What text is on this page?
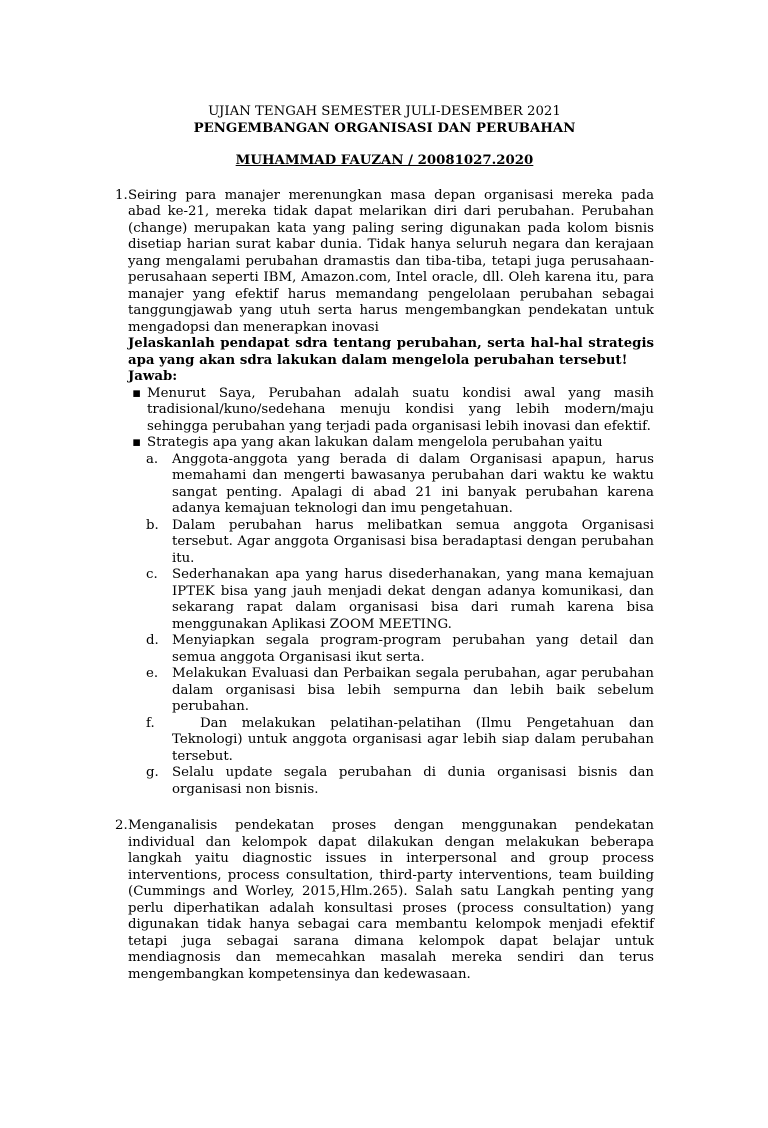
UJIAN TENGAH SEMESTER JULI-DESEMBER 2021
PENGEMBANGAN ORGANISASI DAN PERUBAHAN
MUHAMMAD FAUZAN / 20081027.2020
1. Seiring para manajer merenungkan masa depan organisasi mereka pada abad ke-21, mereka tidak dapat melarikan diri dari perubahan. Perubahan (change) merupakan kata yang paling sering digunakan pada kolom bisnis disetiap harian surat kabar dunia. Tidak hanya seluruh negara dan kerajaan yang mengalami perubahan dramastis dan tiba-tiba, tetapi juga perusahaan-perusahaan seperti IBM, Amazon.com, Intel oracle, dll. Oleh karena itu, para manajer yang efektif harus memandang pengelolaan perubahan sebagai tanggungjawab yang utuh serta harus mengembangkan pendekatan untuk mengadopsi dan menerapkan inovasi
Jelaskanlah pendapat sdra tentang perubahan, serta hal-hal strategis apa yang akan sdra lakukan dalam mengelola perubahan tersebut!
Jawab:
▪ Menurut Saya, Perubahan adalah suatu kondisi awal yang masih tradisional/kuno/sedehana menuju kondisi yang lebih modern/maju sehingga perubahan yang terjadi pada organisasi lebih inovasi dan efektif.
▪ Strategis apa yang akan lakukan dalam mengelola perubahan yaitu
a. Anggota-anggota yang berada di dalam Organisasi apapun, harus memahami dan mengerti bawasanya perubahan dari waktu ke waktu sangat penting. Apalagi di abad 21 ini banyak perubahan karena adanya kemajuan teknologi dan imu pengetahuan.
b. Dalam perubahan harus melibatkan semua anggota Organisasi tersebut. Agar anggota Organisasi bisa beradaptasi dengan perubahan itu.
c. Sederhanakan apa yang harus disederhanakan, yang mana kemajuan IPTEK bisa yang jauh menjadi dekat dengan adanya komunikasi, dan sekarang rapat dalam organisasi bisa dari rumah karena bisa menggunakan Aplikasi ZOOM MEETING.
d. Menyiapkan segala program-program perubahan yang detail dan semua anggota Organisasi ikut serta.
e. Melakukan Evaluasi dan Perbaikan segala perubahan, agar perubahan dalam organisasi bisa lebih sempurna dan lebih baik sebelum perubahan.
f.	Dan melakukan pelatihan-pelatihan (Ilmu Pengetahuan dan Teknologi) untuk anggota organisasi agar lebih siap dalam perubahan tersebut.
g. Selalu update segala perubahan di dunia organisasi bisnis dan organisasi non bisnis.
2. Menganalisis pendekatan proses dengan menggunakan pendekatan individual dan kelompok dapat dilakukan dengan melakukan beberapa langkah yaitu diagnostic issues in interpersonal and group process interventions, process consultation, third-party interventions, team building (Cummings and Worley, 2015,Hlm.265). Salah satu Langkah penting yang perlu diperhatikan adalah konsultasi proses (process consultation) yang digunakan tidak hanya sebagai cara membantu kelompok menjadi efektif tetapi juga sebagai sarana dimana kelompok dapat belajar untuk mendiagnosis dan memecahkan masalah mereka sendiri dan terus mengembangkan kompetensinya dan kedewasaan.
